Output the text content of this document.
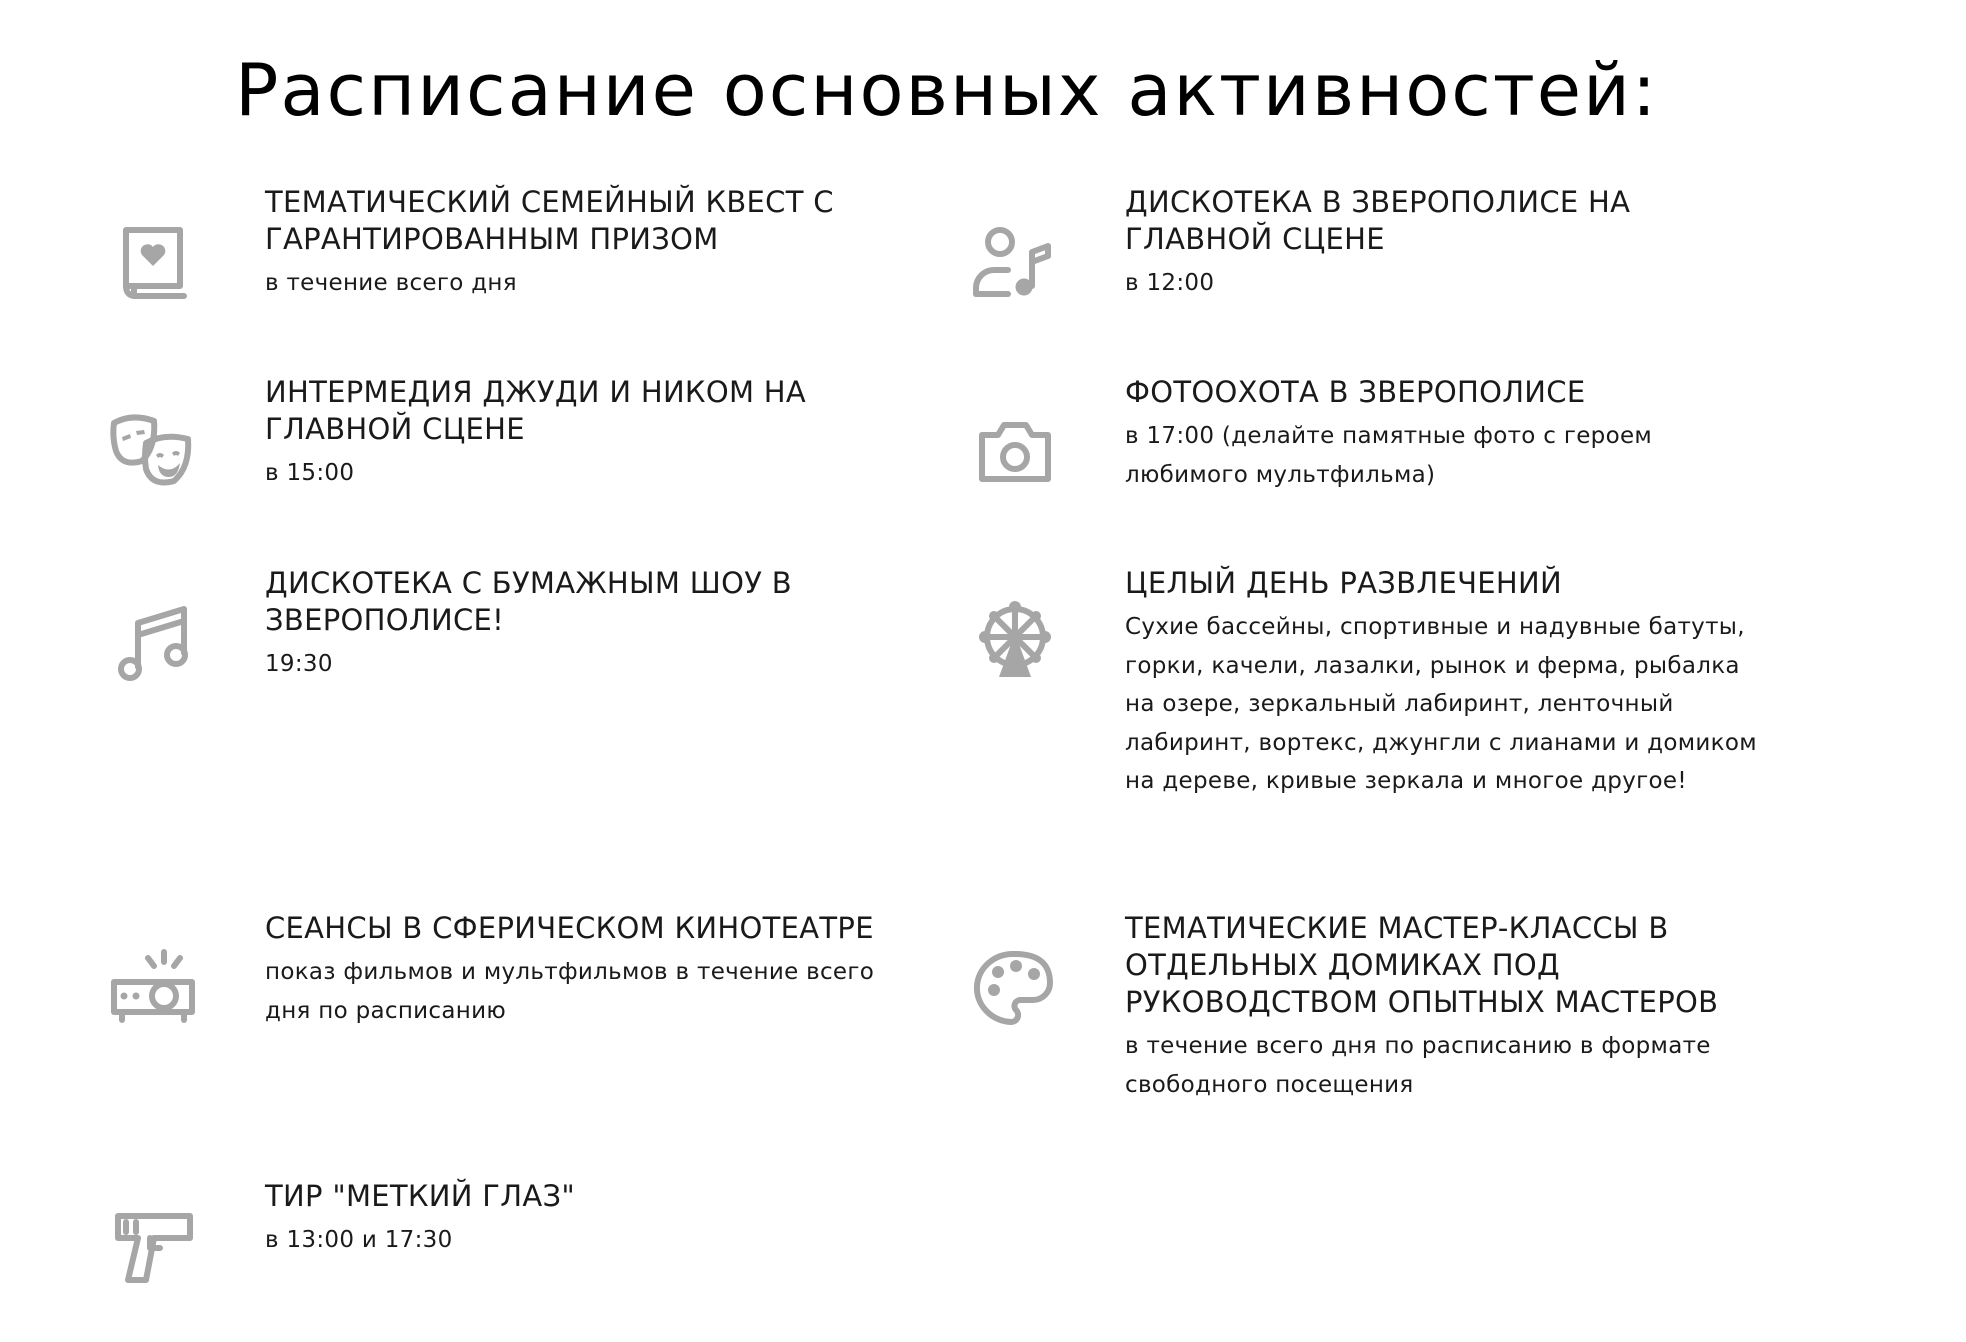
Расписание основных активностей:
ТЕМАТИЧЕСКИЙ СЕМЕЙНЫЙ КВЕСТ С ГАРАНТИРОВАННЫМ ПРИЗОМ
в течение всего дня
ДИСКОТЕКА В ЗВЕРОПОЛИСЕ НА ГЛАВНОЙ СЦЕНЕ
в 12:00
ИНТЕРМЕДИЯ ДЖУДИ И НИКОМ НА ГЛАВНОЙ СЦЕНЕ
в 15:00
ФОТООХОТА В ЗВЕРОПОЛИСЕ
в 17:00 (делайте памятные фото с героем любимого мультфильма)
ДИСКОТЕКА С БУМАЖНЫМ ШОУ В ЗВЕРОПОЛИСЕ!
19:30
ЦЕЛЫЙ ДЕНЬ РАЗВЛЕЧЕНИЙ
Сухие бассейны, спортивные и надувные батуты, горки, качели, лазалки, рынок и ферма, рыбалка на озере, зеркальный лабиринт, ленточный лабиринт, вортекс, джунгли с лианами и домиком на дереве, кривые зеркала и многое другое!
СЕАНСЫ В СФЕРИЧЕСКОМ КИНОТЕАТРЕ
показ фильмов и мультфильмов в течение всего дня по расписанию
ТЕМАТИЧЕСКИЕ МАСТЕР-КЛАССЫ В ОТДЕЛЬНЫХ ДОМИКАХ ПОД РУКОВОДСТВОМ ОПЫТНЫХ МАСТЕРОВ
в течение всего дня по расписанию в формате свободного посещения
ТИР "МЕТКИЙ ГЛАЗ"
в 13:00 и 17:30
